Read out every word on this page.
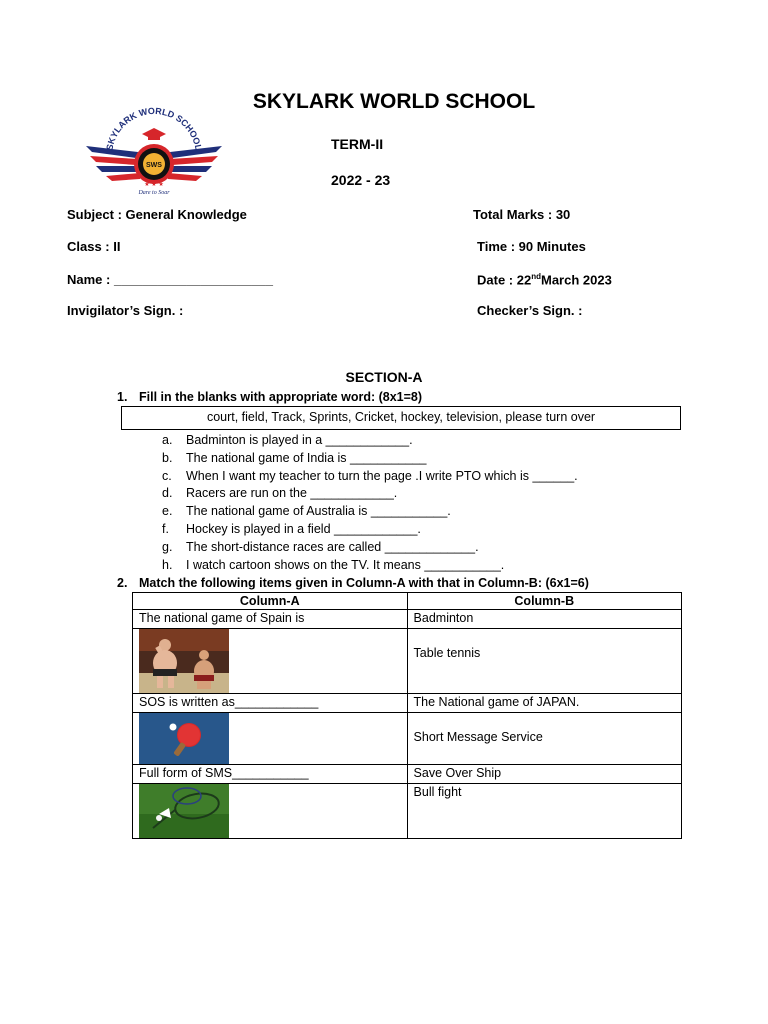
SKYLARK WORLD SCHOOL
SKYLARK WORLD SCHOOL
SWS
★ ★ ★
Dare to Soar
TERM-II
2022 - 23
Subject : General Knowledge	Total Marks : 30
Class : II	Time : 90 Minutes
Name : ______________________	Date : 22ndMarch 2023
Invigilator’s Sign. :	Checker’s Sign. :
SECTION-A
1. Fill in the blanks with appropriate word: (8x1=8)
court, field, Track, Sprints, Cricket, hockey, television, please turn over
a.	Badminton is played in a ____________.
b.	The national game of India is ___________
c.	When I want my teacher to turn the page .I write PTO which is ______.
d.	Racers are run on the ____________.
e.	The national game of Australia is ___________.
f.	Hockey is played in a field ____________.
g.	The short-distance races are called _____________.
h.	I watch cartoon shows on the TV. It means ___________.
2. Match the following items given in Column-A with that in Column-B: (6x1=6)
Column-A	Column-B
The national game of Spain is	Badminton

	Table tennis
SOS is written as____________	The National game of JAPAN.

	Short Message Service
Full form of SMS___________	Save Over Ship

	Bull fight
